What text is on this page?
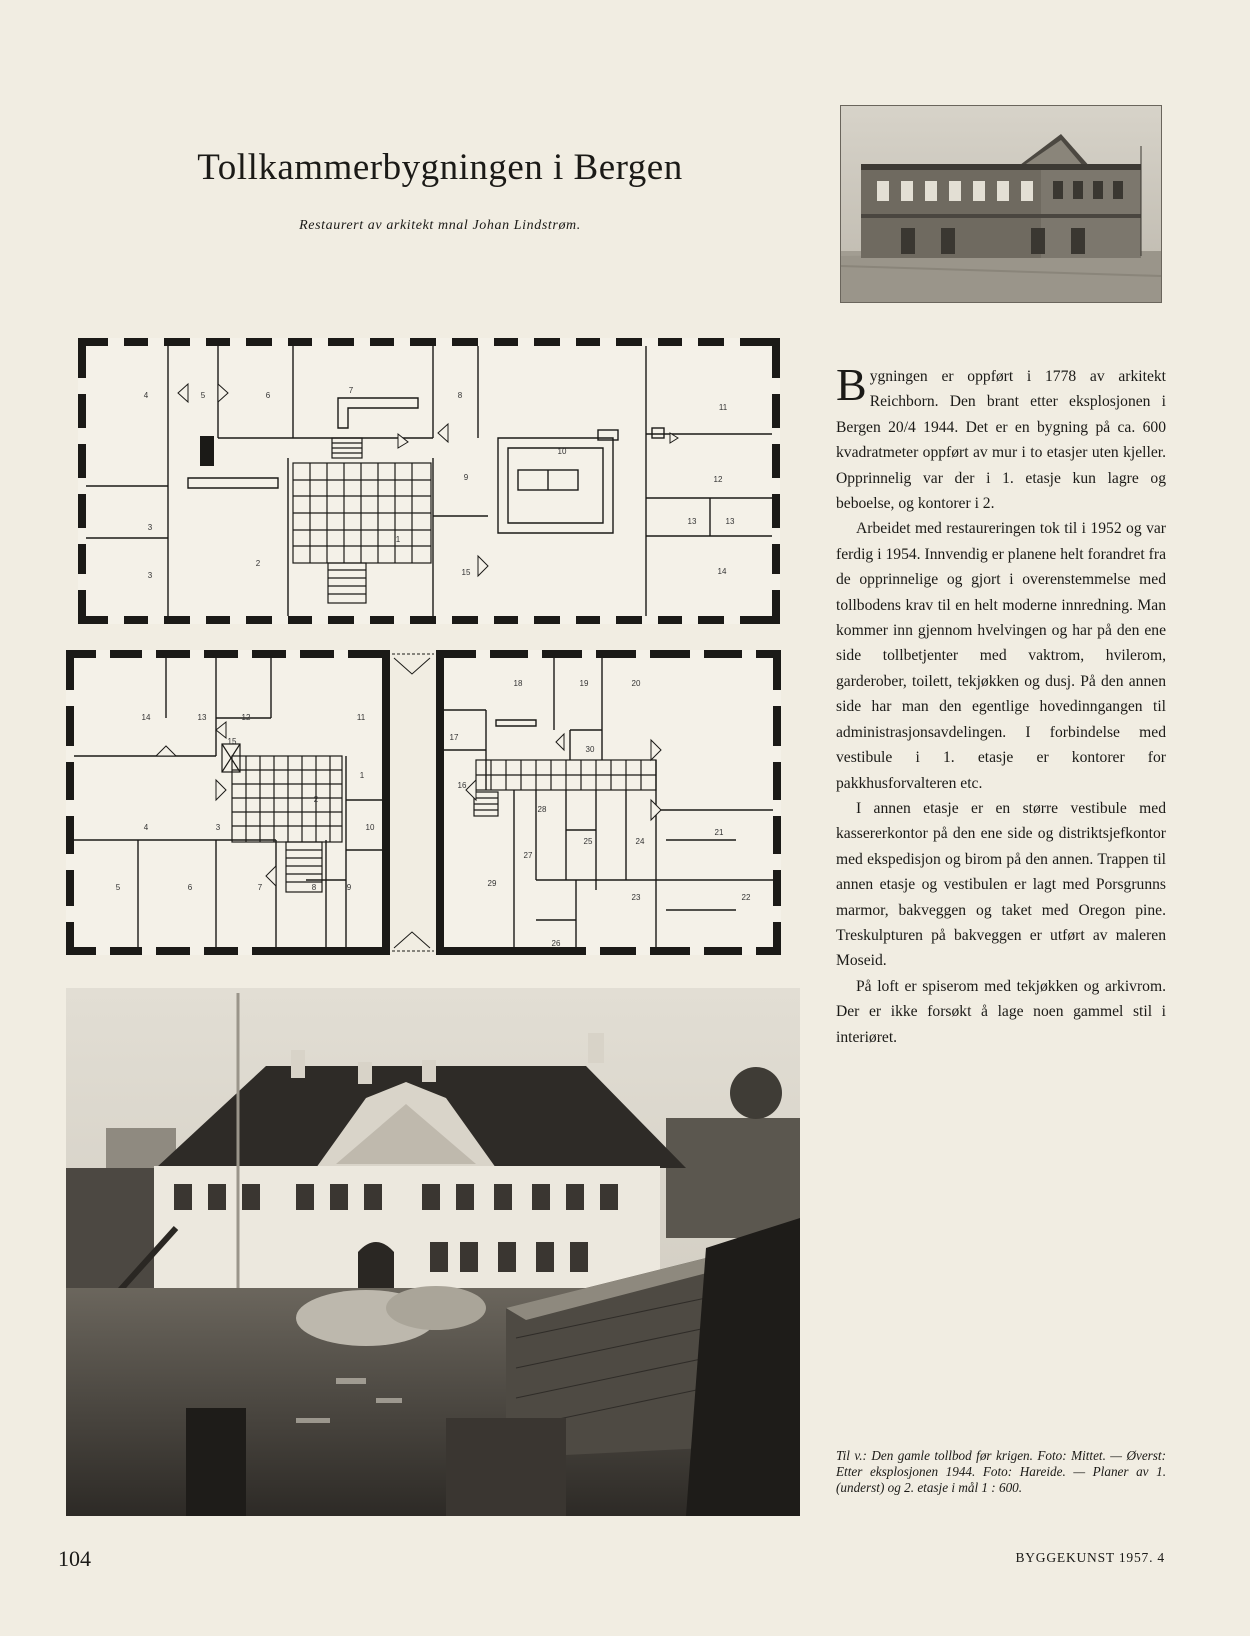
Tollkammerbygningen i Bergen
Restaurert av arkitekt mnal Johan Lindstrøm.
4	5	6
7
8
11
10
9
1
12
13	13
3
3
2
15	14
14	13	12	11
15
1
2
4	3	10
5	6	7	8	9
18	19	20
17
30
16
21
28
27
25	24
29
26
23	22

Bygningen er oppført i 1778 av arkitekt Reichborn. Den brant etter eksplosjonen i Bergen 20/4 1944. Det er en bygning på ca. 600 kvadratmeter oppført av mur i to etasjer uten kjeller. Opprinnelig var der i 1. etasje kun lagre og beboelse, og kontorer i 2.

Arbeidet med restaureringen tok til i 1952 og var ferdig i 1954. Innvendig er planene helt forandret fra de opprinnelige og gjort i overenstemmelse med tollbodens krav til en helt moderne innredning. Man kommer inn gjennom hvelvingen og har på den ene side tollbetjenter med vaktrom, hvilerom, garderober, toilett, tekjøkken og dusj. På den annen side har man den egentlige hovedinngangen til administrasjonsavdelingen. I forbindelse med vestibule i 1. etasje er kontorer for pakkhusforvalteren etc.

I annen etasje er en større vestibule med kassererkontor på den ene side og distriktsjefkontor med ekspedisjon og birom på den annen. Trappen til annen etasje og vestibulen er lagt med Porsgrunns marmor, bakveggen og taket med Oregon pine. Treskulpturen på bakveggen er utført av maleren Moseid.

På loft er spiserom med tekjøkken og arkivrom. Der er ikke forsøkt å lage noen gammel stil i interiøret.

Til v.: Den gamle tollbod før krigen. Foto: Mittet. — Øverst: Etter eksplosjonen 1944. Foto: Hareide. — Planer av 1. (underst) og 2. etasje i mål 1 : 600.
104	BYGGEKUNST 1957. 4
